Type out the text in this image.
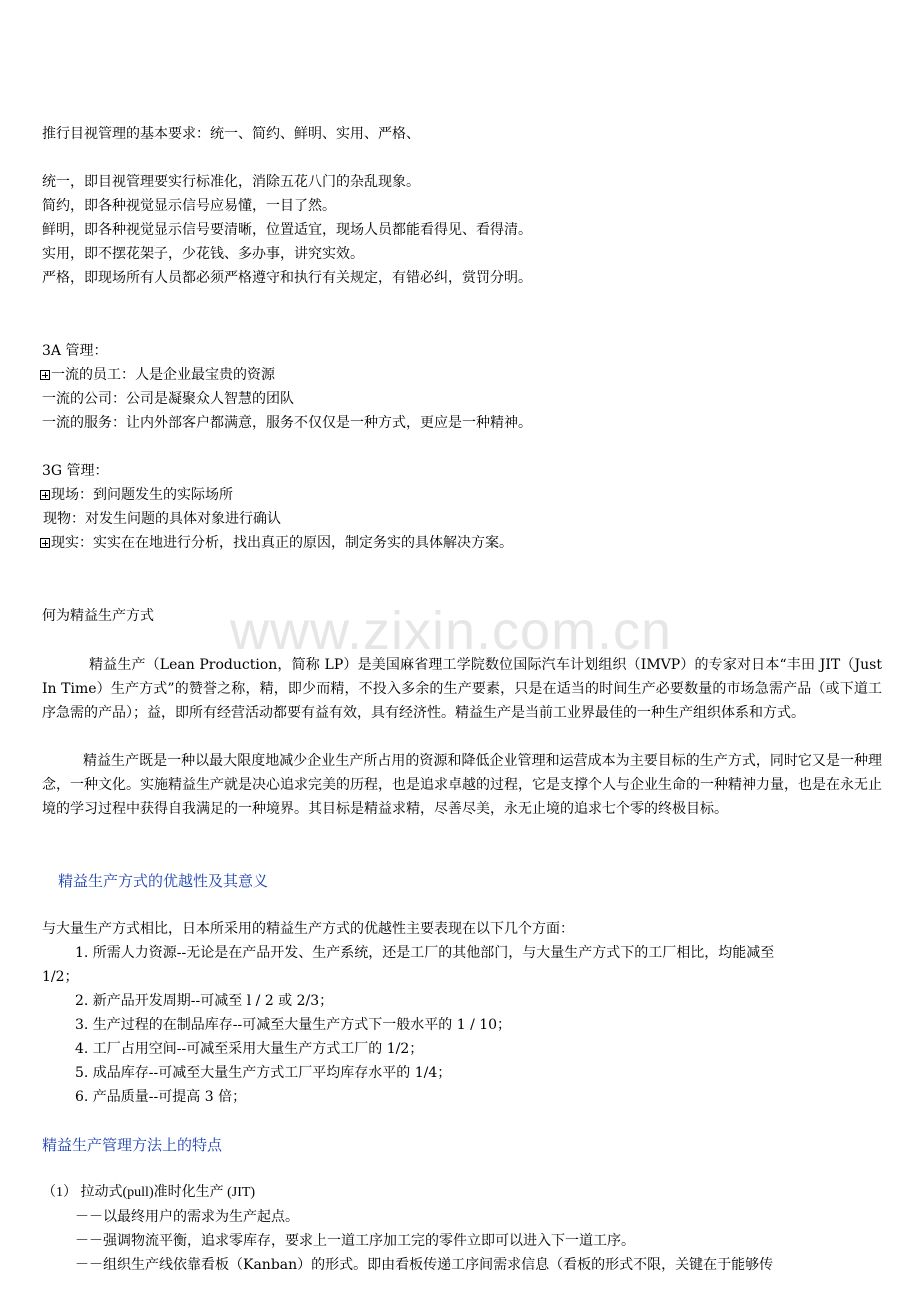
www.zixin.com.cn
推行目视管理的基本要求：统一、简约、鲜明、实用、严格、
统一，即目视管理要实行标准化，消除五花八门的杂乱现象。
简约，即各种视觉显示信号应易懂，一目了然。
鲜明，即各种视觉显示信号要清晰，位置适宜，现场人员都能看得见、看得清。
实用，即不摆花架子，少花钱、多办事，讲究实效。
严格，即现场所有人员都必须严格遵守和执行有关规定，有错必纠，赏罚分明。
3A 管理：
一流的员工：人是企业最宝贵的资源
一流的公司：公司是凝聚众人智慧的团队
一流的服务：让内外部客户都满意，服务不仅仅是一种方式，更应是一种精神。
3G 管理：
现场：到问题发生的实际场所
现物：对发生问题的具体对象进行确认
现实：实实在在地进行分析，找出真正的原因，制定务实的具体解决方案。
何为精益生产方式
精益生产（Lean Production，简称 LP）是美国麻省理工学院数位国际汽车计划组织（IMVP）的专家对日本“丰田 JIT（Just In Time）生产方式”的赞誉之称，精，即少而精，不投入多余的生产要素，只是在适当的时间生产必要数量的市场急需产品（或下道工序急需的产品）；益，即所有经营活动都要有益有效，具有经济性。精益生产是当前工业界最佳的一种生产组织体系和方式。
精益生产既是一种以最大限度地减少企业生产所占用的资源和降低企业管理和运营成本为主要目标的生产方式，同时它又是一种理念，一种文化。实施精益生产就是决心追求完美的历程，也是追求卓越的过程，它是支撑个人与企业生命的一种精神力量，也是在永无止境的学习过程中获得自我满足的一种境界。其目标是精益求精，尽善尽美，永无止境的追求七个零的终极目标。
精益生产方式的优越性及其意义
与大量生产方式相比，日本所采用的精益生产方式的优越性主要表现在以下几个方面：
1. 所需人力资源--无论是在产品开发、生产系统，还是工厂的其他部门，与大量生产方式下的工厂相比，均能减至
1/2；
2. 新产品开发周期--可减至 l / 2 或 2/3；
3. 生产过程的在制品库存--可减至大量生产方式下一般水平的 1 / 10；
4. 工厂占用空间--可减至采用大量生产方式工厂的 1/2；
5. 成品库存--可减至大量生产方式工厂平均库存水平的 1/4；
6. 产品质量--可提高 3 倍；
精益生产管理方法上的特点
（1） 拉动式(pull)准时化生产 (JIT)
－－以最终用户的需求为生产起点。
－－强调物流平衡，追求零库存，要求上一道工序加工完的零件立即可以进入下一道工序。
－－组织生产线依靠看板（Kanban）的形式。即由看板传递工序间需求信息（看板的形式不限，关键在于能够传
